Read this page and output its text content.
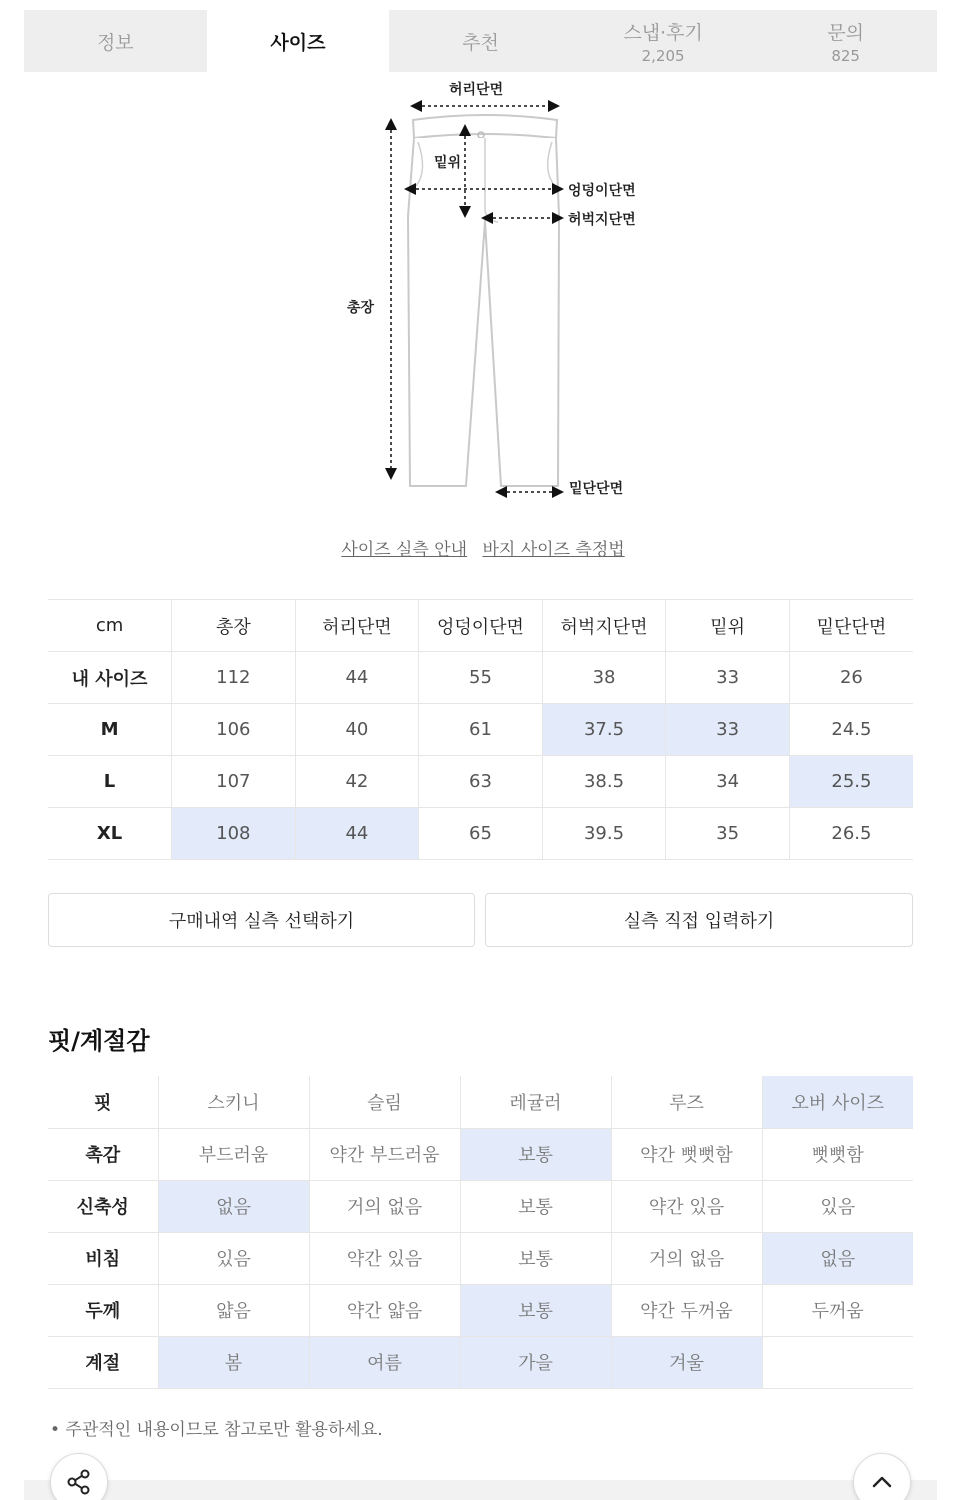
정보	사이즈	추천	스냅·후기
2,205
문의
825
허리단면
밑위
엉덩이단면
허벅지단면
총장
밑단단면
사이즈 실측 안내 바지 사이즈 측정법
cm	총장	허리단면	엉덩이단면	허벅지단면	밑위	밑단단면
내 사이즈	112	44	55	38	33	26
M	106	40	61	37.5	33	24.5
L	107	42	63	38.5	34	25.5
XL	108	44	65	39.5	35	26.5
구매내역 실측 선택하기	실측 직접 입력하기
핏/계절감
핏	스키니	슬림	레귤러	루즈	오버 사이즈
촉감	부드러움	약간 부드러움	보통	약간 뻣뻣함	뻣뻣함
신축성	없음	거의 없음	보통	약간 있음	있음
비침	있음	약간 있음	보통	거의 없음	없음
두께	얇음	약간 얇음	보통	약간 두꺼움	두꺼움
계절	봄	여름	가을	겨울	
• 주관적인 내용이므로 참고로만 활용하세요.
